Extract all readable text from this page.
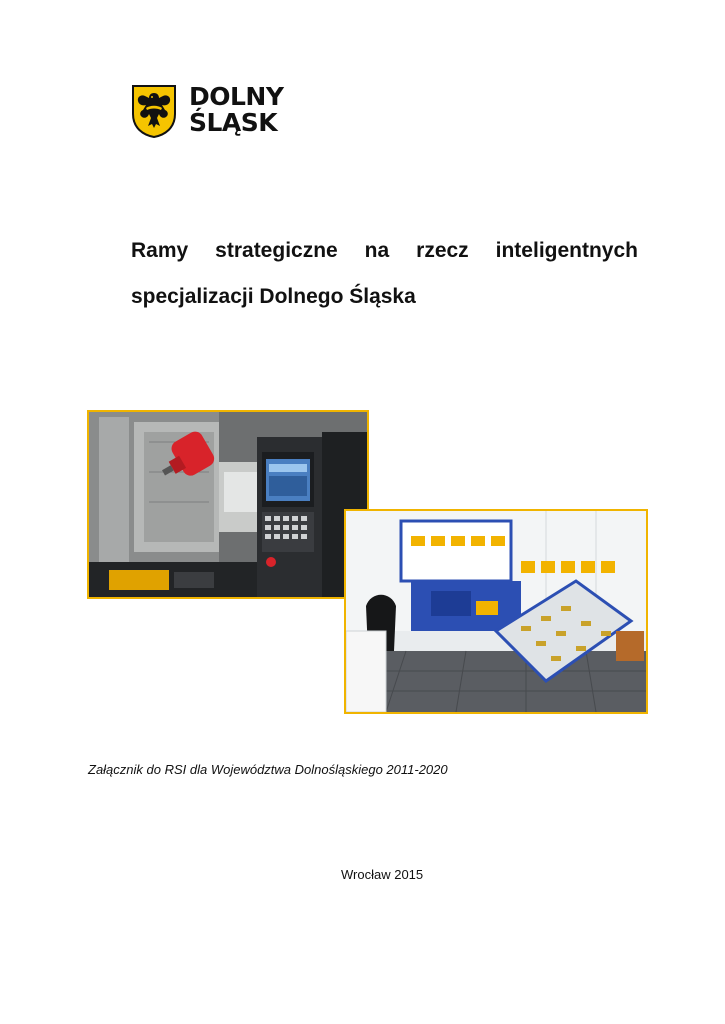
DOLNY
ŚLĄSK
Ramy strategiczne na rzecz inteligentnych
specjalizacji Dolnego Śląska
Załącznik do RSI dla Województwa Dolnośląskiego 2011-2020
Wrocław 2015
